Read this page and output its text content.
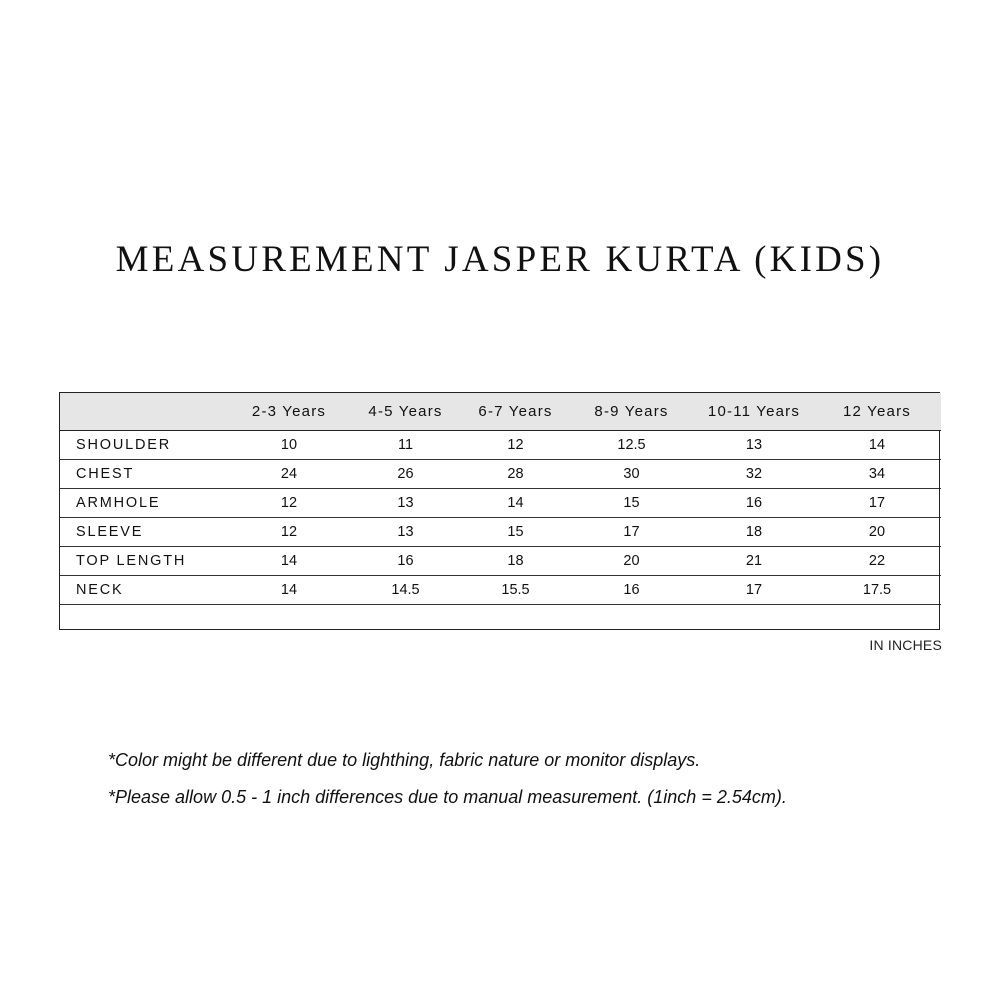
MEASUREMENT JASPER KURTA (KIDS)
	2-3 Years	4-5 Years	6-7 Years	8-9 Years	10-11 Years	12 Years
SHOULDER	10	11	12	12.5	13	14
CHEST	24	26	28	30	32	34
ARMHOLE	12	13	14	15	16	17
SLEEVE	12	13	15	17	18	20
TOP LENGTH	14	16	18	20	21	22
NECK	14	14.5	15.5	16	17	17.5

IN INCHES
*Color might be different due to lighthing, fabric nature or monitor displays.
*Please allow 0.5 - 1 inch differences due to manual measurement. (1inch = 2.54cm).
